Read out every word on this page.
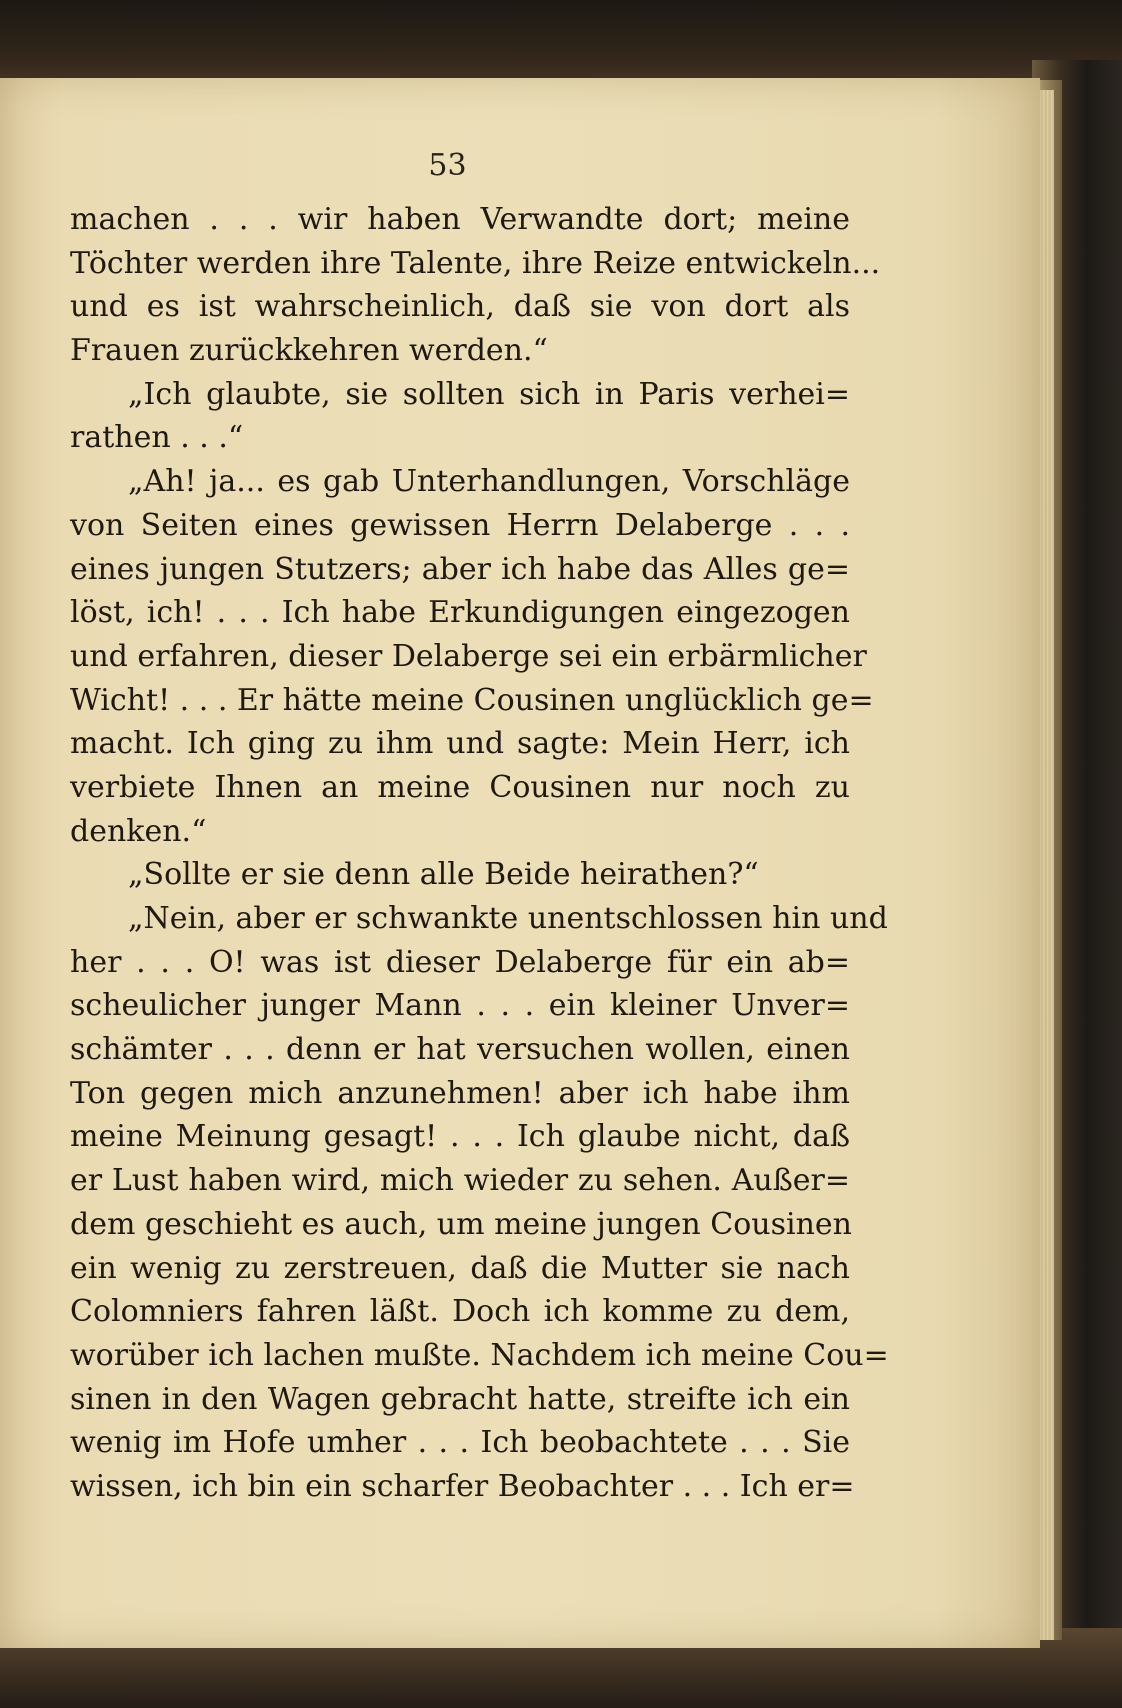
53
machen . . . wir haben Verwandte dort; meine
Töchter werden ihre Talente, ihre Reize entwickeln...
und es ist wahrscheinlich, daß sie von dort als
Frauen zurückkehren werden.“
„Ich glaubte, sie sollten sich in Paris verhei=
rathen . . .“
„Ah! ja... es gab Unterhandlungen, Vorschläge
von Seiten eines gewissen Herrn Delaberge . . .
eines jungen Stutzers; aber ich habe das Alles ge=
löst, ich! . . . Ich habe Erkundigungen eingezogen
und erfahren, dieser Delaberge sei ein erbärmlicher
Wicht! . . . Er hätte meine Cousinen unglücklich ge=
macht. Ich ging zu ihm und sagte: Mein Herr, ich
verbiete Ihnen an meine Cousinen nur noch zu
denken.“
„Sollte er sie denn alle Beide heirathen?“
„Nein, aber er schwankte unentschlossen hin und
her . . . O! was ist dieser Delaberge für ein ab=
scheulicher junger Mann . . . ein kleiner Unver=
schämter . . . denn er hat versuchen wollen, einen
Ton gegen mich anzunehmen! aber ich habe ihm
meine Meinung gesagt! . . . Ich glaube nicht, daß
er Lust haben wird, mich wieder zu sehen. Außer=
dem geschieht es auch, um meine jungen Cousinen
ein wenig zu zerstreuen, daß die Mutter sie nach
Colomniers fahren läßt. Doch ich komme zu dem,
worüber ich lachen mußte. Nachdem ich meine Cou=
sinen in den Wagen gebracht hatte, streifte ich ein
wenig im Hofe umher . . . Ich beobachtete . . . Sie
wissen, ich bin ein scharfer Beobachter . . . Ich er=
